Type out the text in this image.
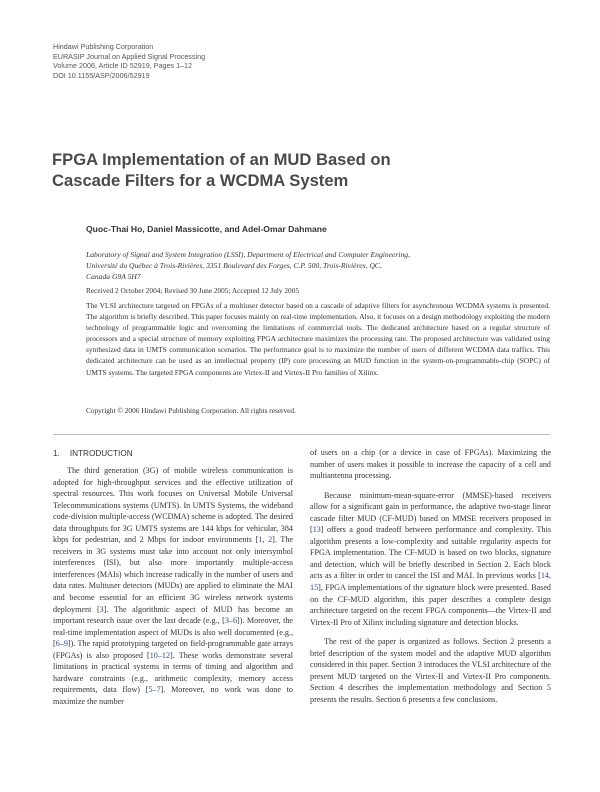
Hindawi Publishing Corporation
EURASIP Journal on Applied Signal Processing
Volume 2006, Article ID 52919, Pages 1–12
DOI 10.1155/ASP/2006/52919
FPGA Implementation of an MUD Based on
Cascade Filters for a WCDMA System
Quoc-Thai Ho, Daniel Massicotte, and Adel-Omar Dahmane
Laboratory of Signal and System Integration (LSSI), Department of Electrical and Computer Engineering,
Université du Québec à Trois-Rivières, 3351 Boulevard des Forges, C.P. 500, Trois-Rivières, QC,
Canada G9A 5H7
Received 2 October 2004; Revised 30 June 2005; Accepted 12 July 2005
The VLSI architecture targeted on FPGAs of a multiuser detector based on a cascade of adaptive filters for asynchronous WCDMA systems is presented. The algorithm is briefly described. This paper focuses mainly on real-time implementation. Also, it focuses on a design methodology exploiting the modern technology of programmable logic and overcoming the limitations of commercial tools. The dedicated architecture based on a regular structure of processors and a special structure of memory exploiting FPGA architecture maximizes the processing rate. The proposed architecture was validated using synthesized data in UMTS communication scenarios. The performance goal is to maximize the number of users of different WCDMA data traffics. This dedicated architecture can be used as an intellectual property (IP) core processing an MUD function in the system-on-programmable-chip (SOPC) of UMTS systems. The targeted FPGA components are Virtex-II and Virtex-II Pro families of Xilinx.
Copyright © 2006 Hindawi Publishing Corporation. All rights reserved.
1. INTRODUCTION

The third generation (3G) of mobile wireless communication is adopted for high-throughput services and the effective utilization of spectral resources. This work focuses on Universal Mobile Universal Telecommunications systems (UMTS). In UMTS Systems, the wideband code-division multiple-access (WCDMA) scheme is adopted. The desired data throughputs for 3G UMTS systems are 144 kbps for vehicular, 384 kbps for pedestrian, and 2 Mbps for indoor environments [1, 2]. The receivers in 3G systems must take into account not only intersymbol interferences (ISI), but also more importantly multiple-access interferences (MAIs) which increase radically in the number of users and data rates. Multiuser detectors (MUDs) are applied to eliminate the MAI and become essential for an efficient 3G wireless network systems deployment [3]. The algorithmic aspect of MUD has become an important research issue over the last decade (e.g., [3–6]). Moreover, the real-time implementation aspect of MUDs is also well documented (e.g., [6–9]). The rapid prototyping targeted on field-programmable gate arrays (FPGAs) is also proposed [10–12]. These works demonstrate several limitations in practical systems in terms of timing and algorithm and hardware constraints (e.g., arithmetic complexity, memory access requirements, data flow) [5–7]. Moreover, no work was done to maximize the number

of users on a chip (or a device in case of FPGAs). Maximizing the number of users makes it possible to increase the capacity of a cell and multiantenna processing.

Because minimum-mean-square-error (MMSE)-based receivers allow for a significant gain in performance, the adaptive two-stage linear cascade filter MUD (CF-MUD) based on MMSE receivers proposed in [13] offers a good tradeoff between performance and complexity. This algorithm presents a low-complexity and suitable regularity aspects for FPGA implementation. The CF-MUD is based on two blocks, signature and detection, which will be briefly described in Section 2. Each block acts as a filter in order to cancel the ISI and MAI. In previous works [14, 15], FPGA implementations of the signature block were presented. Based on the CF-MUD algorithm, this paper describes a complete design architecture targeted on the recent FPGA components—the Virtex-II and Virtex-II Pro of Xilinx including signature and detection blocks.

The rest of the paper is organized as follows. Section 2 presents a brief description of the system model and the adaptive MUD algorithm considered in this paper. Section 3 introduces the VLSI architecture of the present MUD targeted on the Virtex-II and Virtex-II Pro components. Section 4 describes the implementation methodology and Section 5 presents the results. Section 6 presents a few conclusions.
